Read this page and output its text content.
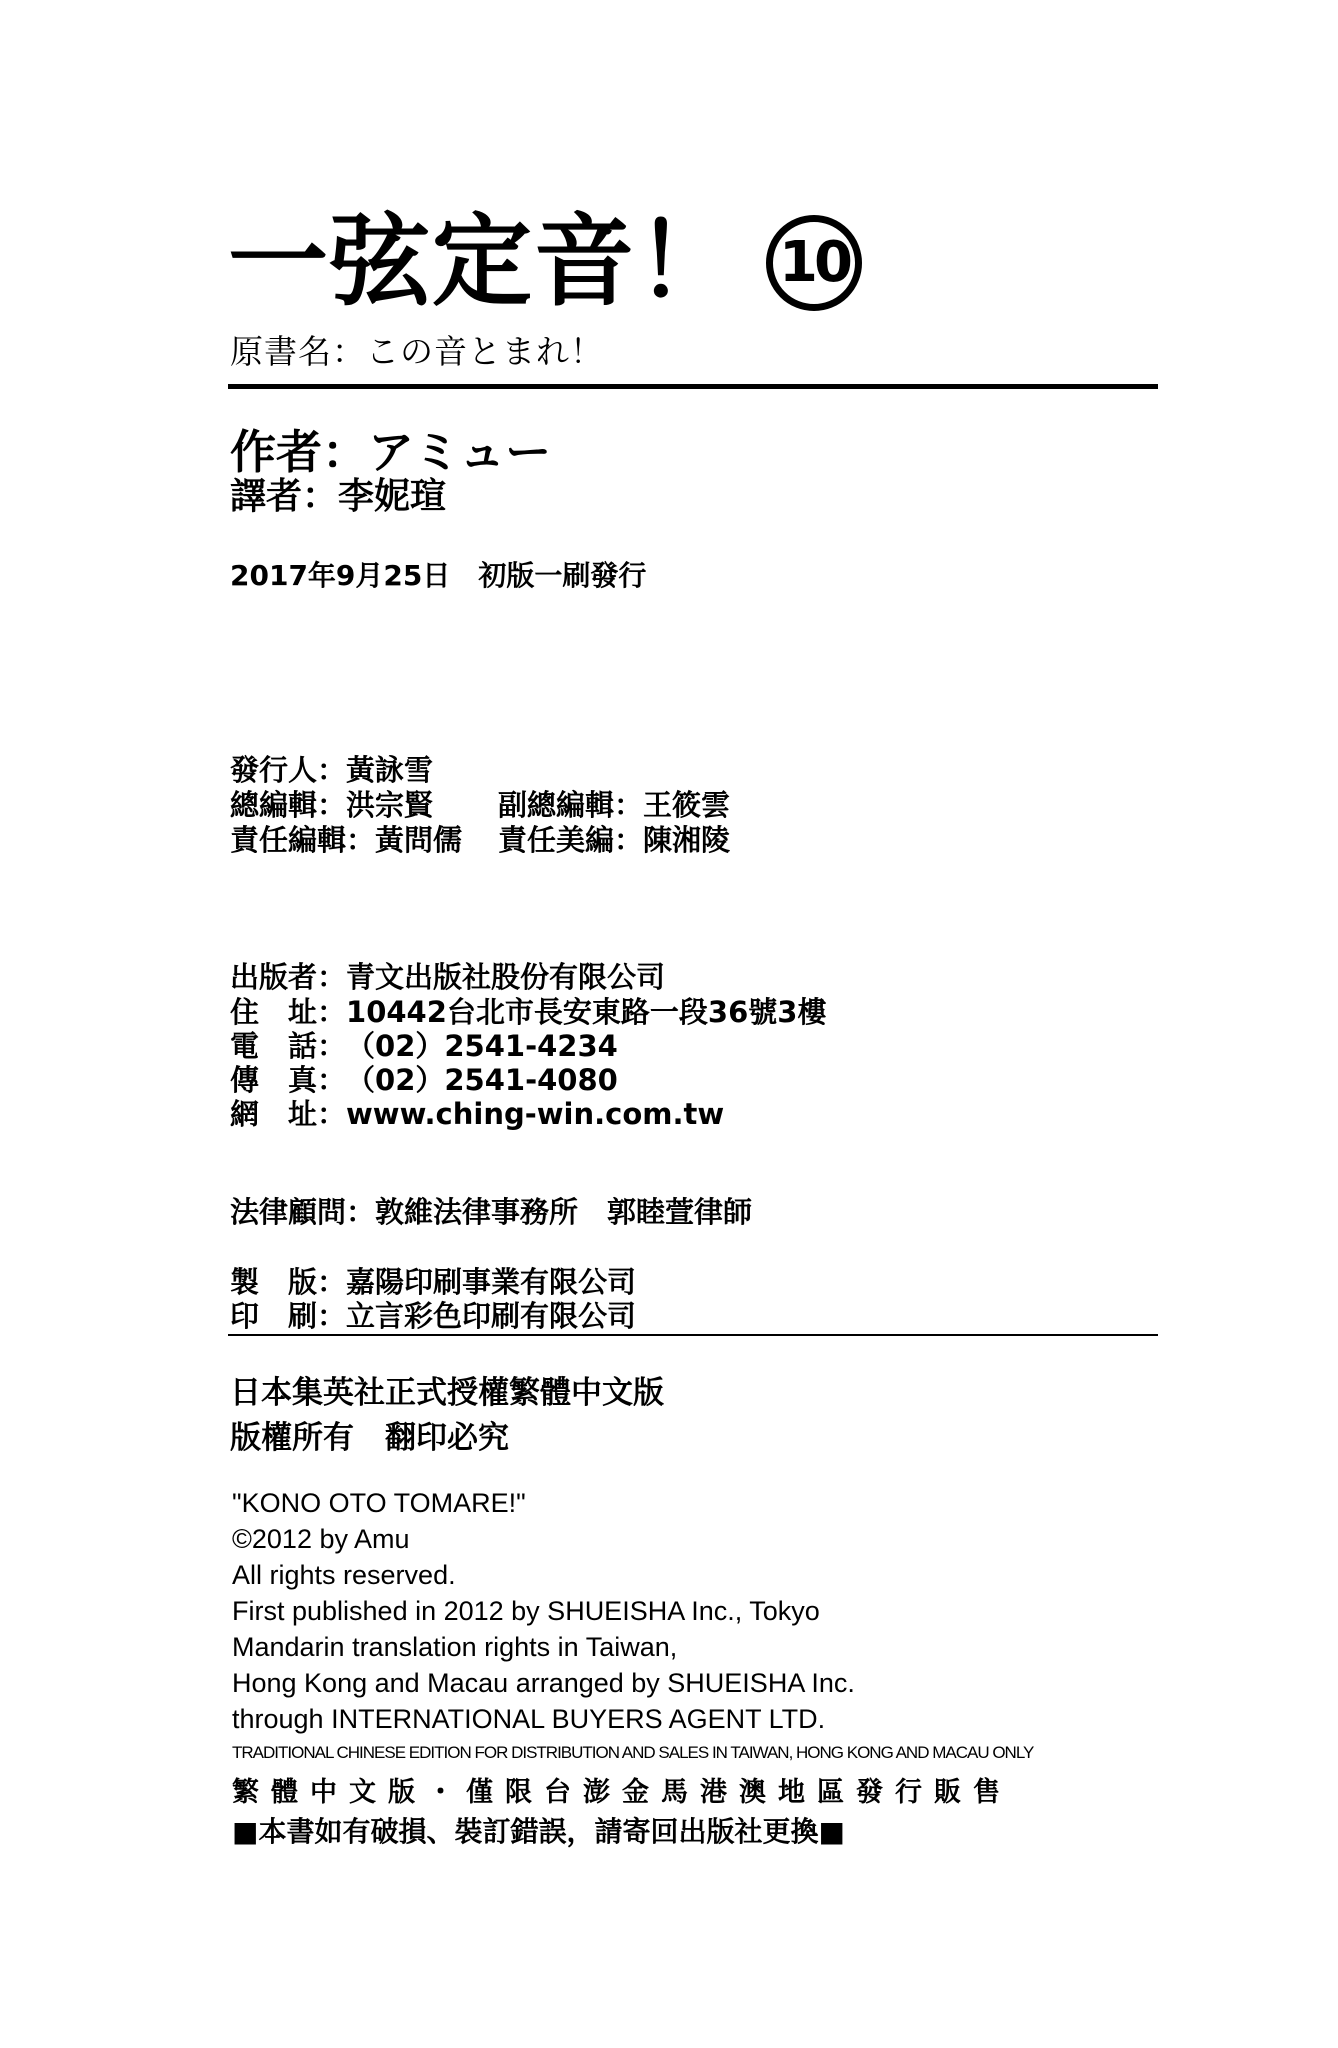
一弦定音！ 10
原書名：この音とまれ！
作者：アミュー
譯者：李妮瑄
2017年9月25日　初版一刷發行
發行人：黃詠雪
總編輯：洪宗賢 副總編輯：王筱雲
責任編輯：黃問儒 責任美編：陳湘陵
出版者：青文出版社股份有限公司
住　址：10442台北市長安東路一段36號3樓
電　話：（02）2541-4234
傳　真：（02）2541-4080
網　址：www.ching-win.com.tw
法律顧問：敦維法律事務所　郭睦萱律師
製　版：嘉陽印刷事業有限公司
印　刷：立言彩色印刷有限公司
日本集英社正式授權繁體中文版
版權所有　翻印必究
"KONO OTO TOMARE!"
©2012 by Amu
All rights reserved.
First published in 2012 by SHUEISHA Inc., Tokyo
Mandarin translation rights in Taiwan,
Hong Kong and Macau arranged by SHUEISHA Inc.
through INTERNATIONAL BUYERS AGENT LTD.
TRADITIONAL CHINESE EDITION FOR DISTRIBUTION AND SALES IN TAIWAN, HONG KONG AND MACAU ONLY
繁體中文版・僅限台澎金馬港澳地區發行販售
■本書如有破損、裝訂錯誤，請寄回出版社更換■
